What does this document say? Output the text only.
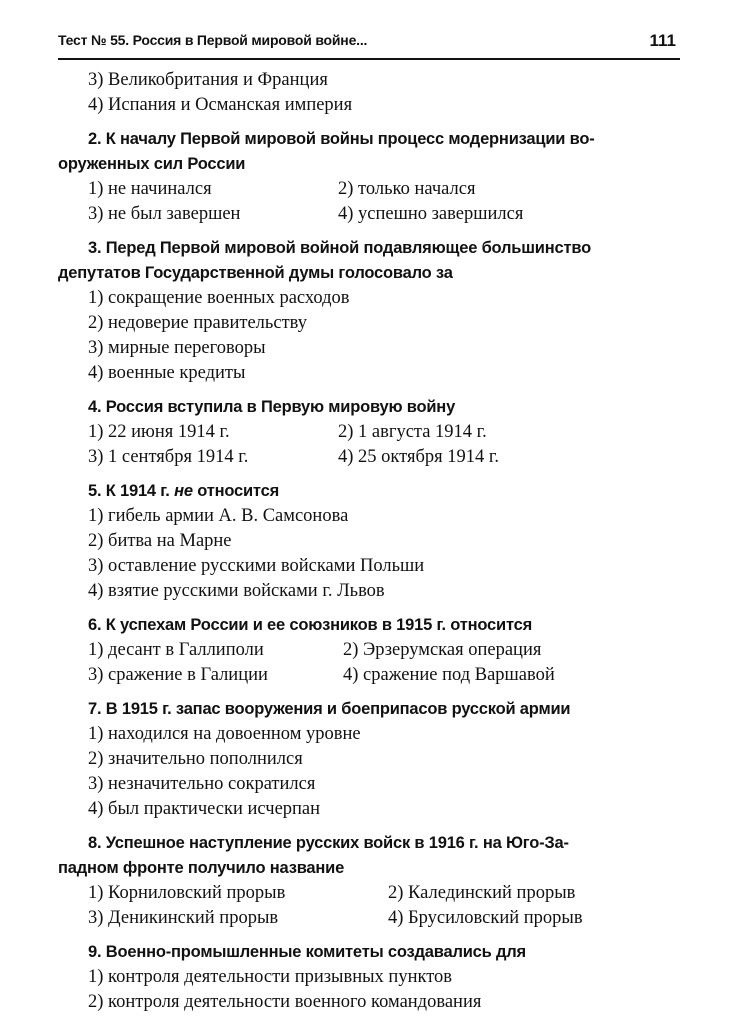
Тест № 55. Россия в Первой мировой войне...	111
3) Великобритания и Франция
4) Испания и Османская империя
2. К началу Первой мировой войны процесс модернизации во-
оруженных сил России
1) не начинался	2) только начался
3) не был завершен	4) успешно завершился
3. Перед Первой мировой войной подавляющее большинство
депутатов Государственной думы голосовало за
1) сокращение военных расходов
2) недоверие правительству
3) мирные переговоры
4) военные кредиты
4. Россия вступила в Первую мировую войну
1) 22 июня 1914 г.	2) 1 августа 1914 г.
3) 1 сентября 1914 г.	4) 25 октября 1914 г.
5. К 1914 г. не относится
1) гибель армии А. В. Самсонова
2) битва на Марне
3) оставление русскими войсками Польши
4) взятие русскими войсками г. Львов
6. К успехам России и ее союзников в 1915 г. относится
1) десант в Галлиполи	2) Эрзерумская операция
3) сражение в Галиции	4) сражение под Варшавой
7. В 1915 г. запас вооружения и боеприпасов русской армии
1) находился на довоенном уровне
2) значительно пополнился
3) незначительно сократился
4) был практически исчерпан
8. Успешное наступление русских войск в 1916 г. на Юго-За-
падном фронте получило название
1) Корниловский прорыв	2) Калединский прорыв
3) Деникинский прорыв	4) Брусиловский прорыв
9. Военно-промышленные комитеты создавались для
1) контроля деятельности призывных пунктов
2) контроля деятельности военного командования
